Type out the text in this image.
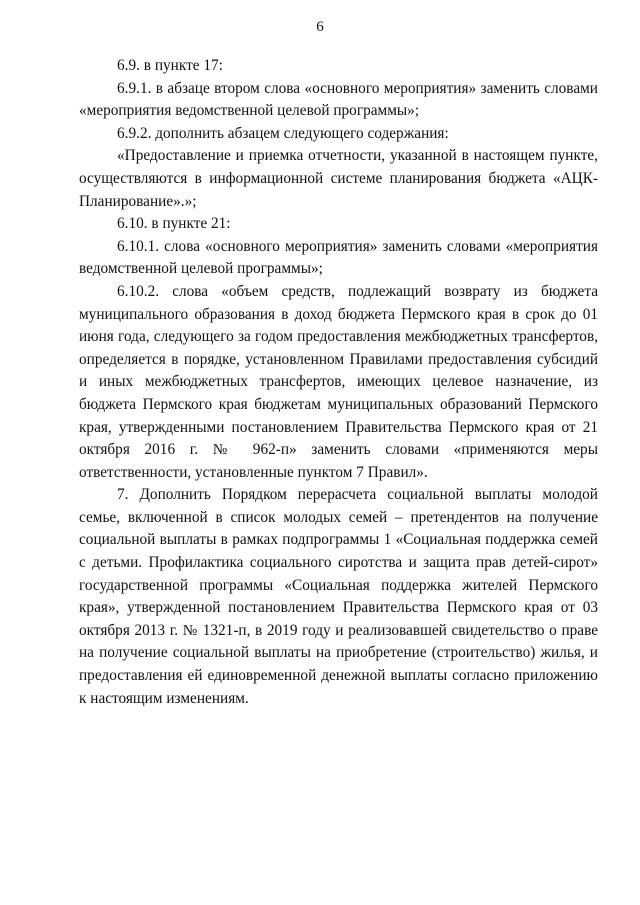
6

6.9. в пункте 17:

6.9.1. в абзаце втором слова «основного мероприятия» заменить словами «мероприятия ведомственной целевой программы»;

6.9.2. дополнить абзацем следующего содержания:

«Предоставление и приемка отчетности, указанной в настоящем пункте, осуществляются в информационной системе планирования бюджета «АЦК-Планирование».»;

6.10. в пункте 21:

6.10.1. слова «основного мероприятия» заменить словами «мероприятия ведомственной целевой программы»;

6.10.2. слова «объем средств, подлежащий возврату из бюджета муниципального образования в доход бюджета Пермского края в срок до 01 июня года, следующего за годом предоставления межбюджетных трансфертов, определяется в порядке, установленном Правилами предоставления субсидий и иных межбюджетных трансфертов, имеющих целевое назначение, из бюджета Пермского края бюджетам муниципальных образований Пермского края, утвержденными постановлением Правительства Пермского края от 21 октября 2016 г. № 962-п» заменить словами «применяются меры ответственности, установленные пунктом 7 Правил».

7. Дополнить Порядком перерасчета социальной выплаты молодой семье, включенной в список молодых семей – претендентов на получение социальной выплаты в рамках подпрограммы 1 «Социальная поддержка семей с детьми. Профилактика социального сиротства и защита прав детей-сирот» государственной программы «Социальная поддержка жителей Пермского края», утвержденной постановлением Правительства Пермского края от 03 октября 2013 г. № 1321-п, в 2019 году и реализовавшей свидетельство о праве на получение социальной выплаты на приобретение (строительство) жилья, и предоставления ей единовременной денежной выплаты согласно приложению к настоящим изменениям.
